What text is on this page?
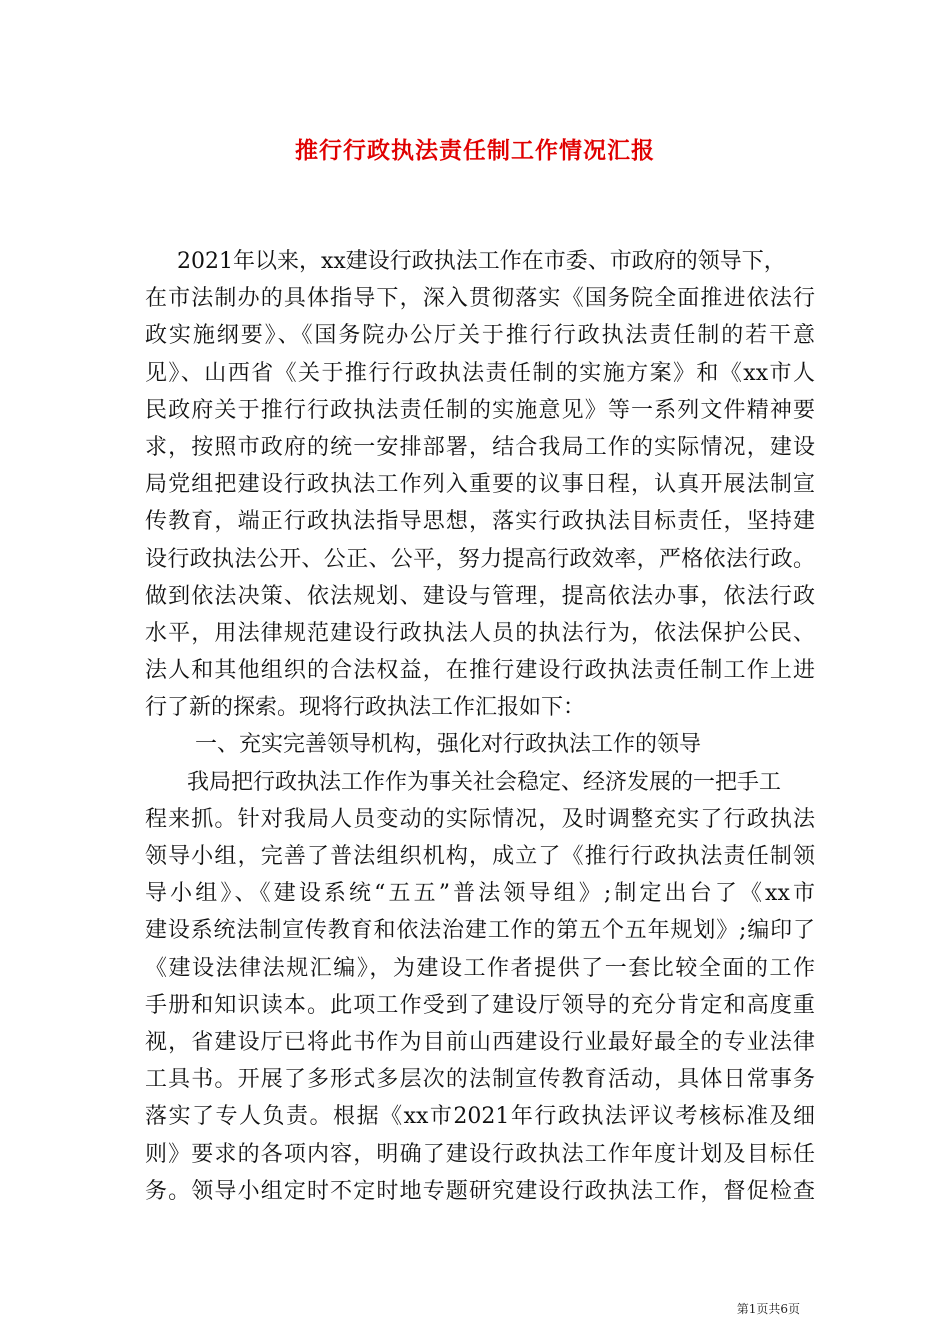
推行行政执法责任制工作情况汇报
2021年以来，xx建设行政执法工作在市委、市政府的领导下，
在市法制办的具体指导下，深入贯彻落实《国务院全面推进依法行
政实施纲要》、《国务院办公厅关于推行行政执法责任制的若干意
见》、山西省《关于推行行政执法责任制的实施方案》和《xx市人
民政府关于推行行政执法责任制的实施意见》等一系列文件精神要
求，按照市政府的统一安排部署，结合我局工作的实际情况，建设
局党组把建设行政执法工作列入重要的议事日程，认真开展法制宣
传教育，端正行政执法指导思想，落实行政执法目标责任，坚持建
设行政执法公开、公正、公平，努力提高行政效率，严格依法行政。
做到依法决策、依法规划、建设与管理，提高依法办事，依法行政
水平，用法律规范建设行政执法人员的执法行为，依法保护公民、
法人和其他组织的合法权益，在推行建设行政执法责任制工作上进
行了新的探索。现将行政执法工作汇报如下：
一、充实完善领导机构，强化对行政执法工作的领导
我局把行政执法工作作为事关社会稳定、经济发展的一把手工
程来抓。针对我局人员变动的实际情况，及时调整充实了行政执法
领导小组，完善了普法组织机构，成立了《推行行政执法责任制领
导小组》、《建设系统“五五”普法领导组》;制定出台了《xx市
建设系统法制宣传教育和依法治建工作的第五个五年规划》;编印了
《建设法律法规汇编》，为建设工作者提供了一套比较全面的工作
手册和知识读本。此项工作受到了建设厅领导的充分肯定和高度重
视，省建设厅已将此书作为目前山西建设行业最好最全的专业法律
工具书。开展了多形式多层次的法制宣传教育活动，具体日常事务
落实了专人负责。根据《xx市2021年行政执法评议考核标准及细
则》要求的各项内容，明确了建设行政执法工作年度计划及目标任
务。领导小组定时不定时地专题研究建设行政执法工作，督促检查
第1页共6页
